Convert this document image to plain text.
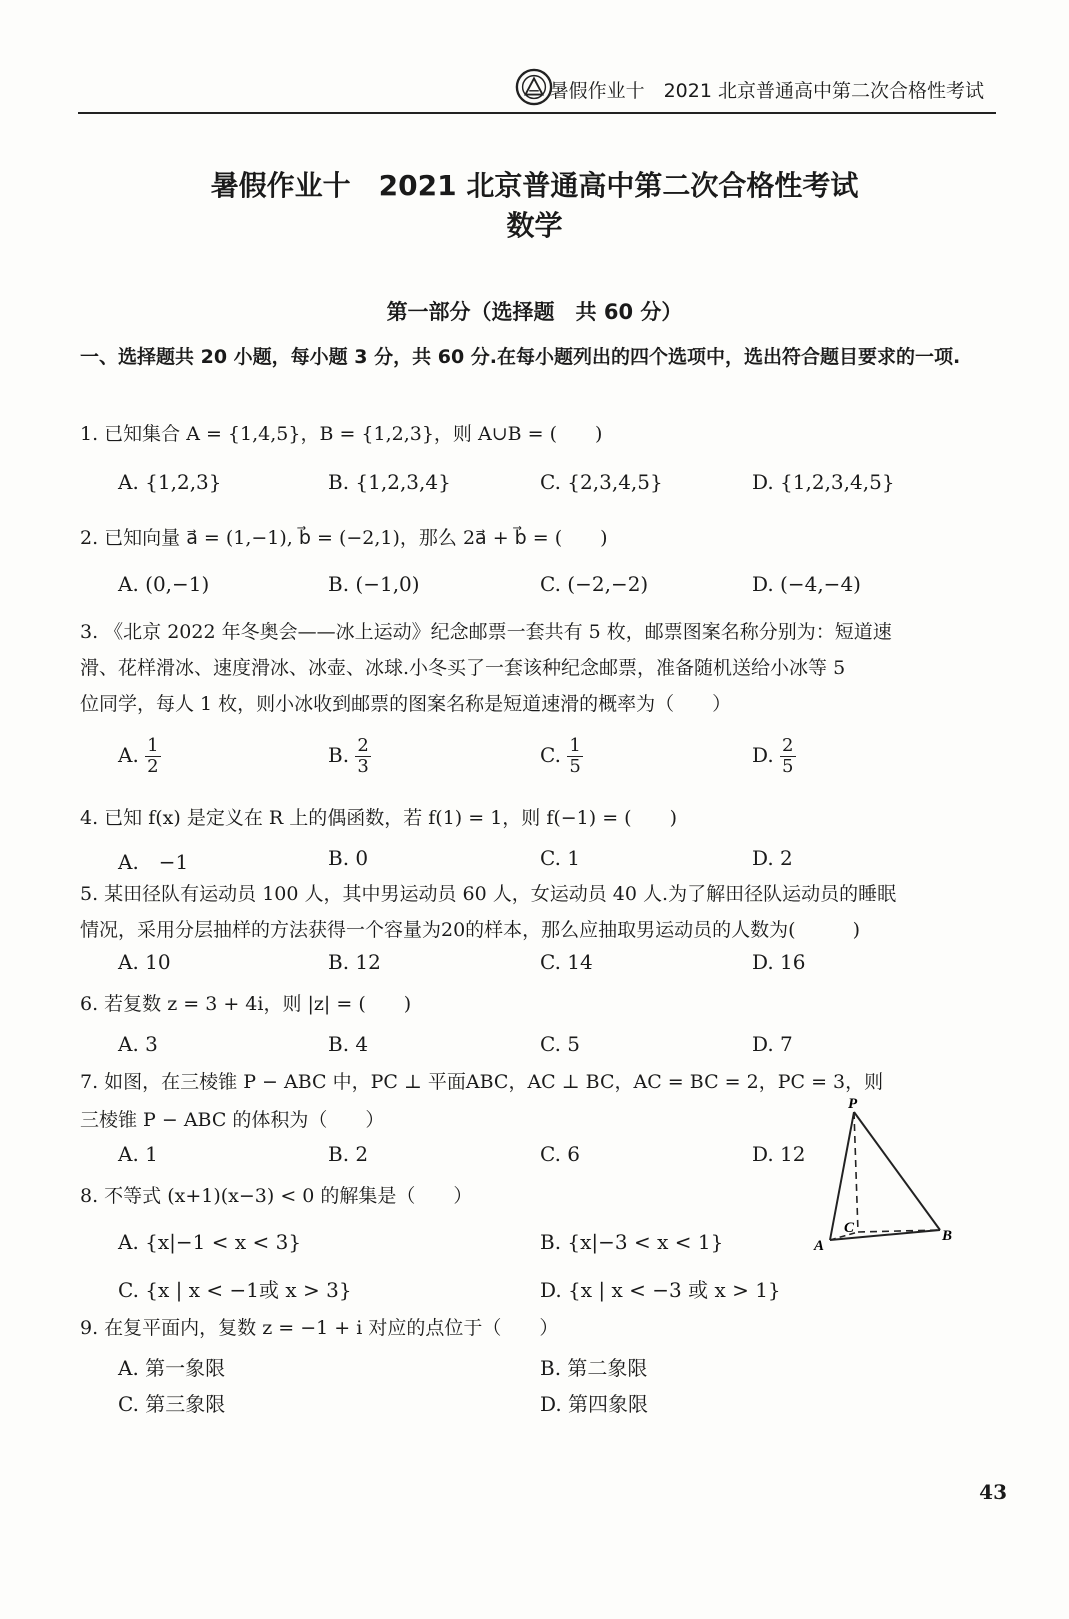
暑假作业十　2021 北京普通高中第二次合格性考试
暑假作业十　2021 北京普通高中第二次合格性考试
数学
第一部分（选择题　共 60 分）
一、选择题共 20 小题，每小题 3 分，共 60 分.在每小题列出的四个选项中，选出符合题目要求的一项.
1. 已知集合 A = {1,4,5}，B = {1,2,3}，则 A∪B = (　　)
A. {1,2,3}	B. {1,2,3,4}	C. {2,3,4,5}	D. {1,2,3,4,5}
2. 已知向量 a⃗ = (1,−1), b⃗ = (−2,1)，那么 2a⃗ + b⃗ = (　　)
A. (0,−1)	B. (−1,0)	C. (−2,−2)	D. (−4,−4)
3. 《北京 2022 年冬奥会——冰上运动》纪念邮票一套共有 5 枚，邮票图案名称分别为：短道速
滑、花样滑冰、速度滑冰、冰壶、冰球.小冬买了一套该种纪念邮票，准备随机送给小冰等 5
位同学，每人 1 枚，则小冰收到邮票的图案名称是短道速滑的概率为（　　）
A. $\frac{1}{2}$	B. $\frac{2}{3}$	C. $\frac{1}{5}$	D. $\frac{2}{5}$
4. 已知 f(x) 是定义在 R 上的偶函数，若 f(1) = 1，则 f(−1) = (　　)
A.　−1	B. 0	C. 1	D. 2
5. 某田径队有运动员 100 人，其中男运动员 60 人，女运动员 40 人.为了解田径队运动员的睡眠
情况，采用分层抽样的方法获得一个容量为20的样本，那么应抽取男运动员的人数为(　　　)
A. 10	B. 12	C. 14	D. 16
6. 若复数 z = 3 + 4i，则 |z| = (　　)
A. 3	B. 4	C. 5	D. 7
7. 如图，在三棱锥 P − ABC 中，PC ⊥ 平面ABC，AC ⊥ BC，AC = BC = 2，PC = 3，则
三棱锥 P − ABC 的体积为（　　）
A. 1	B. 2	C. 6	D. 12
P
A
B
C
8. 不等式 (x+1)(x−3) < 0 的解集是（　　）
A. {x|−1 < x < 3}	B. {x|−3 < x < 1}
C. {x | x < −1或 x > 3}	D. {x | x < −3 或 x > 1}
9. 在复平面内，复数 z = −1 + i 对应的点位于（　　）
A. 第一象限	B. 第二象限
C. 第三象限	D. 第四象限
43
